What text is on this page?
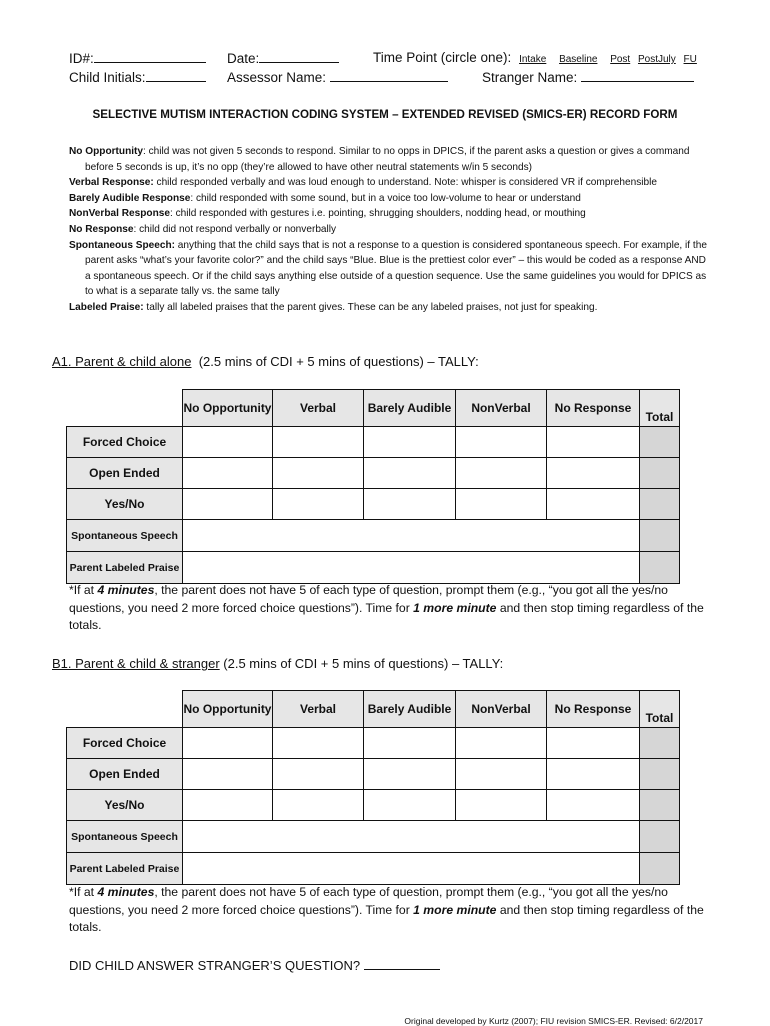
ID#:	Date:	Time Point (circle one): Intake Baseline Post PostJuly FU
Child Initials:	Assessor Name:	Stranger Name:
SELECTIVE MUTISM INTERACTION CODING SYSTEM – EXTENDED REVISED (SMICS-ER) RECORD FORM

No Opportunity: child was not given 5 seconds to respond. Similar to no opps in DPICS, if the parent asks a question or gives a command before 5 seconds is up, it’s no opp (they’re allowed to have other neutral statements w/in 5 seconds)

Verbal Response: child responded verbally and was loud enough to understand. Note: whisper is considered VR if comprehensible

Barely Audible Response: child responded with some sound, but in a voice too low-volume to hear or understand

NonVerbal Response: child responded with gestures i.e. pointing, shrugging shoulders, nodding head, or mouthing

No Response: child did not respond verbally or nonverbally

Spontaneous Speech: anything that the child says that is not a response to a question is considered spontaneous speech. For example, if the parent asks “what’s your favorite color?” and the child says “Blue. Blue is the prettiest color ever” – this would be coded as a response AND a spontaneous speech. Or if the child says anything else outside of a question sequence. Use the same guidelines you would for DPICS as to what is a separate tally vs. the same tally

Labeled Praise: tally all labeled praises that the parent gives. These can be any labeled praises, not just for speaking.

A1. Parent & child alone  (2.5 mins of CDI + 5 mins of questions) – TALLY:
	No Opportunity	Verbal	Barely Audible	NonVerbal	No Response	Total
Forced Choice						
Open Ended						
Yes/No						
Spontaneous Speech						
Parent Labeled Praise						
*If at 4 minutes, the parent does not have 5 of each type of question, prompt them (e.g., “you got all the yes/no questions, you need 2 more forced choice questions”). Time for 1 more minute and then stop timing regardless of the totals.
B1. Parent & child & stranger (2.5 mins of CDI + 5 mins of questions) – TALLY:
	No Opportunity	Verbal	Barely Audible	NonVerbal	No Response	Total
Forced Choice						
Open Ended						
Yes/No						
Spontaneous Speech						
Parent Labeled Praise						
*If at 4 minutes, the parent does not have 5 of each type of question, prompt them (e.g., “you got all the yes/no questions, you need 2 more forced choice questions”). Time for 1 more minute and then stop timing regardless of the totals.
DID CHILD ANSWER STRANGER’S QUESTION?
Original developed by Kurtz (2007); FIU revision SMICS-ER. Revised: 6/2/2017
